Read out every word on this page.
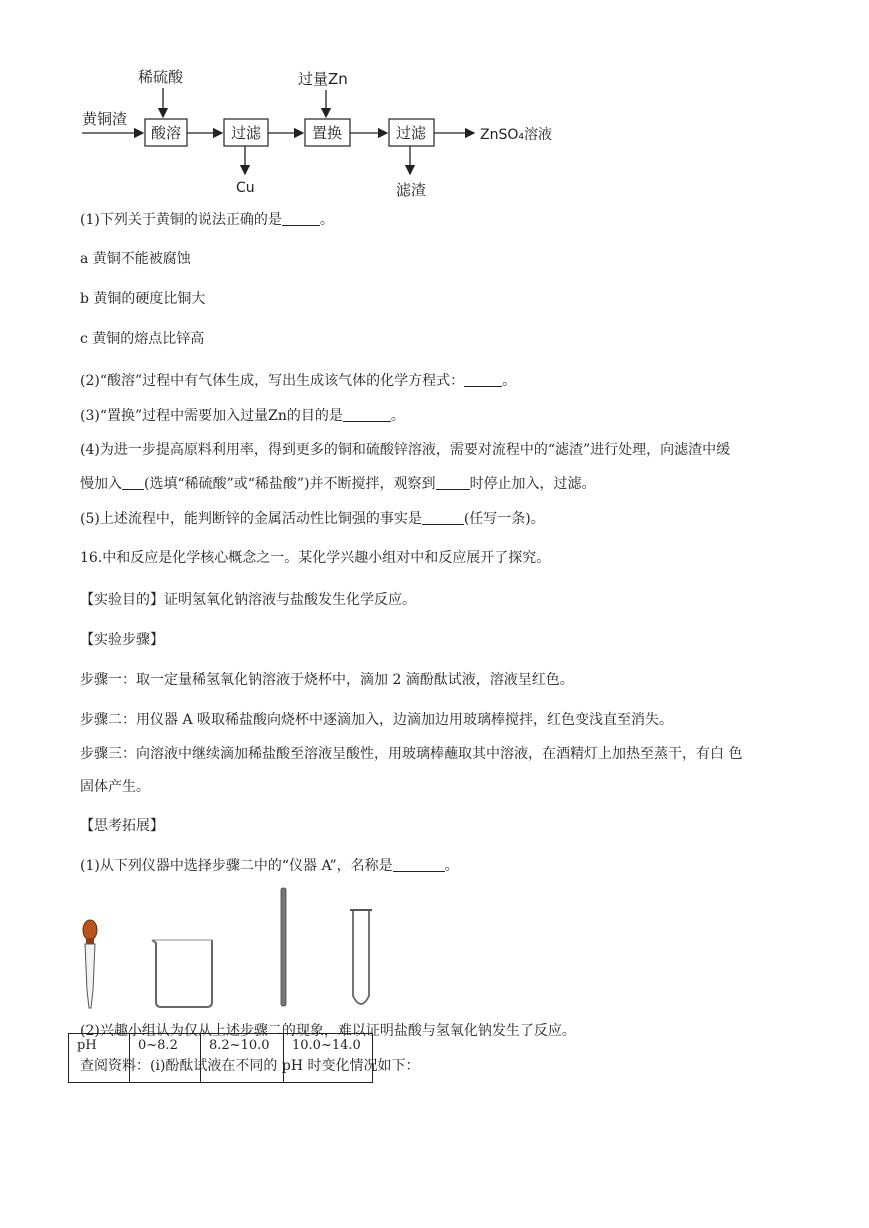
黄铜渣
稀硫酸
酸溶	过滤
Cu
过量Zn
置换	过滤
滤渣
ZnSO₄溶液
(1)下列关于黄铜的说法正确的是	。
a 黄铜不能被腐蚀
b 黄铜的硬度比铜大
c 黄铜的熔点比锌高
(2)“酸溶”过程中有气体生成，写出生成该气体的化学方程式：	。
(3)“置换”过程中需要加入过量Zn的目的是	。
(4)为进一步提高原料利用率，得到更多的铜和硫酸锌溶液，需要对流程中的“滤渣”进行处理，向滤渣中缓
慢加入 (选填“稀硫酸”或“稀盐酸”)并不断搅拌，观察到 时停止加入，过滤。
(5)上述流程中，能判断锌的金属活动性比铜强的事实是	(任写一条)。
16.中和反应是化学核心概念之一。某化学兴趣小组对中和反应展开了探究。
【实验目的】证明氢氧化钠溶液与盐酸发生化学反应。
【实验步骤】
步骤一：取一定量稀氢氧化钠溶液于烧杯中，滴加 2 滴酚酞试液，溶液呈红色。
步骤二：用仪器 A 吸取稀盐酸向烧杯中逐滴加入，边滴加边用玻璃棒搅拌，红色变浅直至消失。
步骤三：向溶液中继续滴加稀盐酸至溶液呈酸性，用玻璃棒蘸取其中溶液，在酒精灯上加热至蒸干，有白 色
固体产生。
【思考拓展】
(1)从下列仪器中选择步骤二中的“仪器 A”，名称是	。
(2)兴趣小组认为仅从上述步骤二的现象，难以证明盐酸与氢氧化钠发生了反应。
查阅资料：(i)酚酞试液在不同的 pH 时变化情况如下：
pH	0~8.2	8.2~10.0	10.0~14.0
